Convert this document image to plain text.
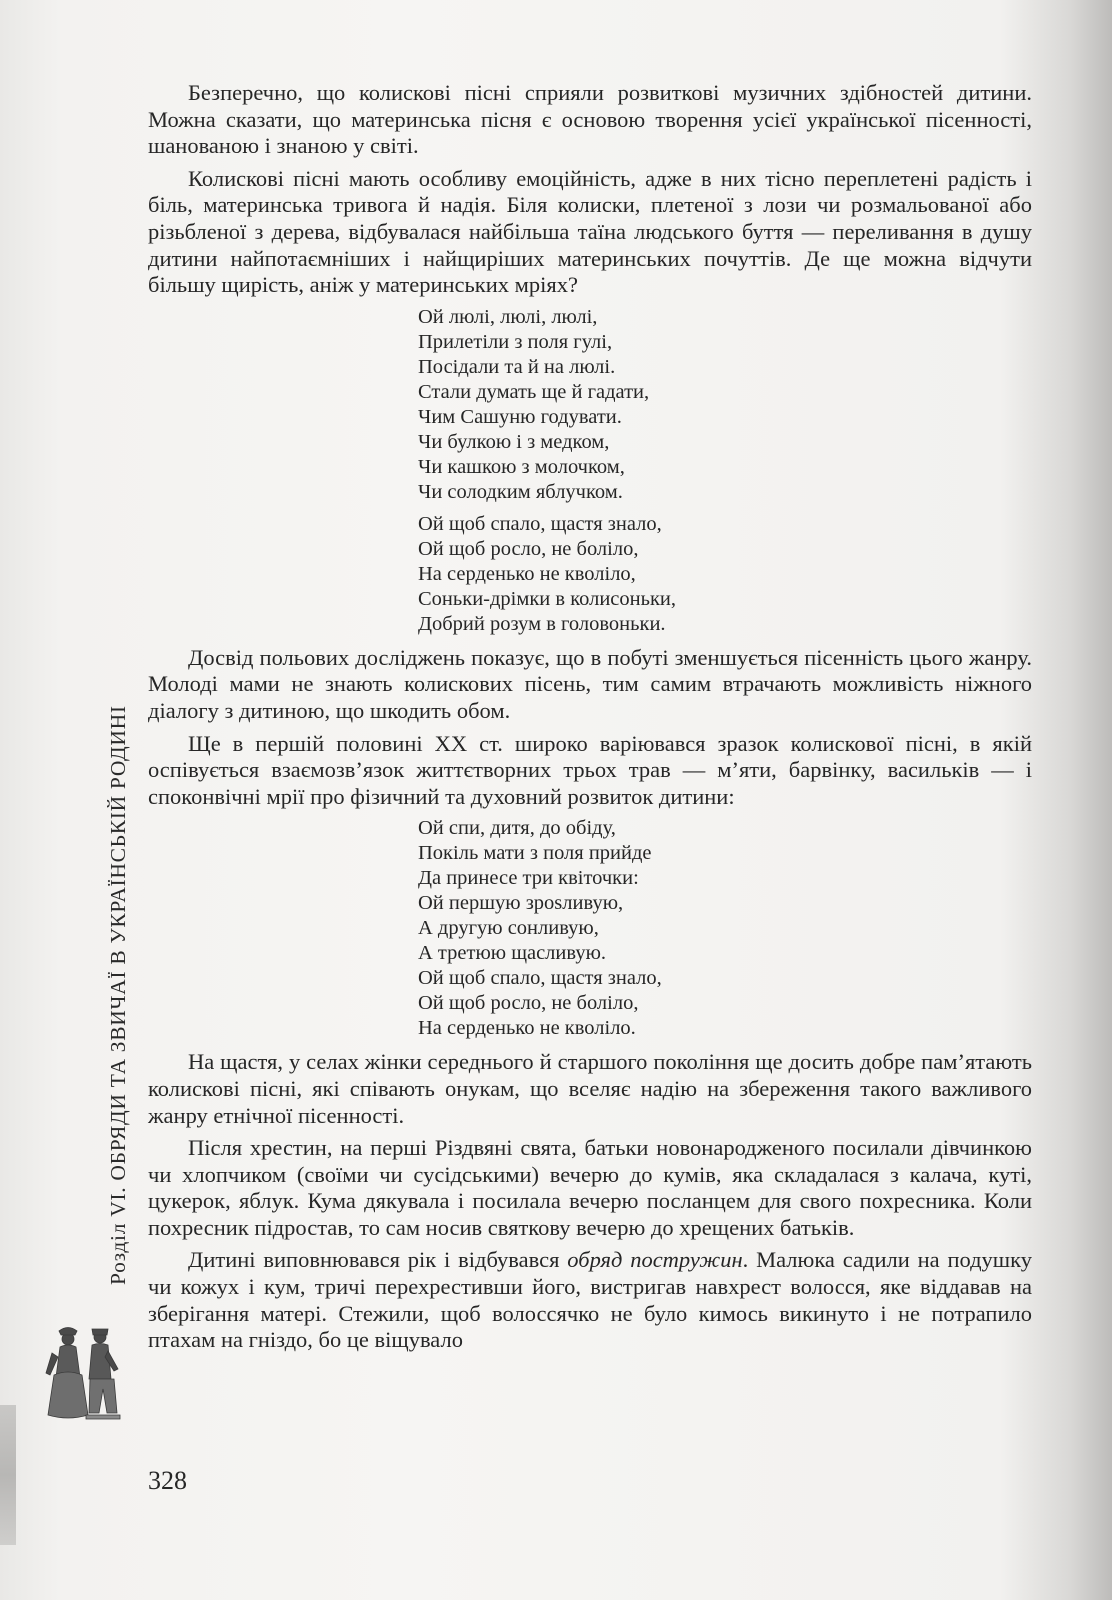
Розділ VI. ОБРЯДИ ТА ЗВИЧАЇ В УКРАЇНСЬКІЙ РОДИНІ

Безперечно, що колискові пісні сприяли розвиткові музичних здібностей дитини. Можна сказати, що материнська пісня є основою творення усієї української пісенності, шанованою і знаною у світі.

Колискові пісні мають особливу емоційність, адже в них тісно переплетені радість і біль, материнська тривога й надія. Біля колиски, плетеної з лози чи розмальованої або різьбленої з дерева, відбувалася найбільша таїна людського буття — переливання в душу дитини найпотаємніших і найщиріших материнських почуттів. Де ще можна відчути більшу щирість, аніж у материнських мріях?

Ой люлі, люлі, люлі,
Прилетіли з поля гулі,
Посідали та й на люлі.
Стали думать ще й гадати,
Чим Сашуню годувати.
Чи булкою і з медком,
Чи кашкою з молочком,
Чи солодким яблучком.
Ой щоб спало, щастя знало,
Ой щоб росло, не боліло,
На серденько не кволіло,
Соньки-дрімки в колисоньки,
Добрий розум в головоньки.

Досвід польових досліджень показує, що в побуті зменшується пісенність цього жанру. Молоді мами не знають колискових пісень, тим самим втрачають можливість ніжного діалогу з дитиною, що шкодить обом.

Ще в першій половині XX ст. широко варіювався зразок колискової пісні, в якій оспівується взаємозв’язок життєтворних трьох трав — м’яти, барвінку, васильків — і споконвічні мрії про фізичний та духовний розвиток дитини:

Ой спи, дитя, до обіду,
Покіль мати з поля прийде
Да принесе три квіточки:
Ой першую зрosливую,
А другую сонливую,
А третюю щасливую.
Ой щоб спало, щастя знало,
Ой щоб росло, не боліло,
На серденько не кволіло.

На щастя, у селах жінки середнього й старшого покоління ще досить добре пам’ятають колискові пісні, які співають онукам, що вселяє надію на збереження такого важливого жанру етнічної пісенності.

Після хрестин, на перші Різдвяні свята, батьки новонародженого посилали дівчинкою чи хлопчиком (своїми чи сусідськими) вечерю до кумів, яка складалася з калача, куті, цукерок, яблук. Кума дякувала і посилала вечерю посланцем для свого похресника. Коли похресник підростав, то сам носив святкову вечерю до хрещених батьків.

Дитині виповнювався рік і відбувався обряд постружин. Малюка садили на подушку чи кожух і кум, тричі перехрестивши його, вистригав навхрест волосся, яке віддавав на зберігання матері. Стежили, щоб волоссячко не було кимось викинуто і не потрапило птахам на гніздо, бо це віщувало

328
